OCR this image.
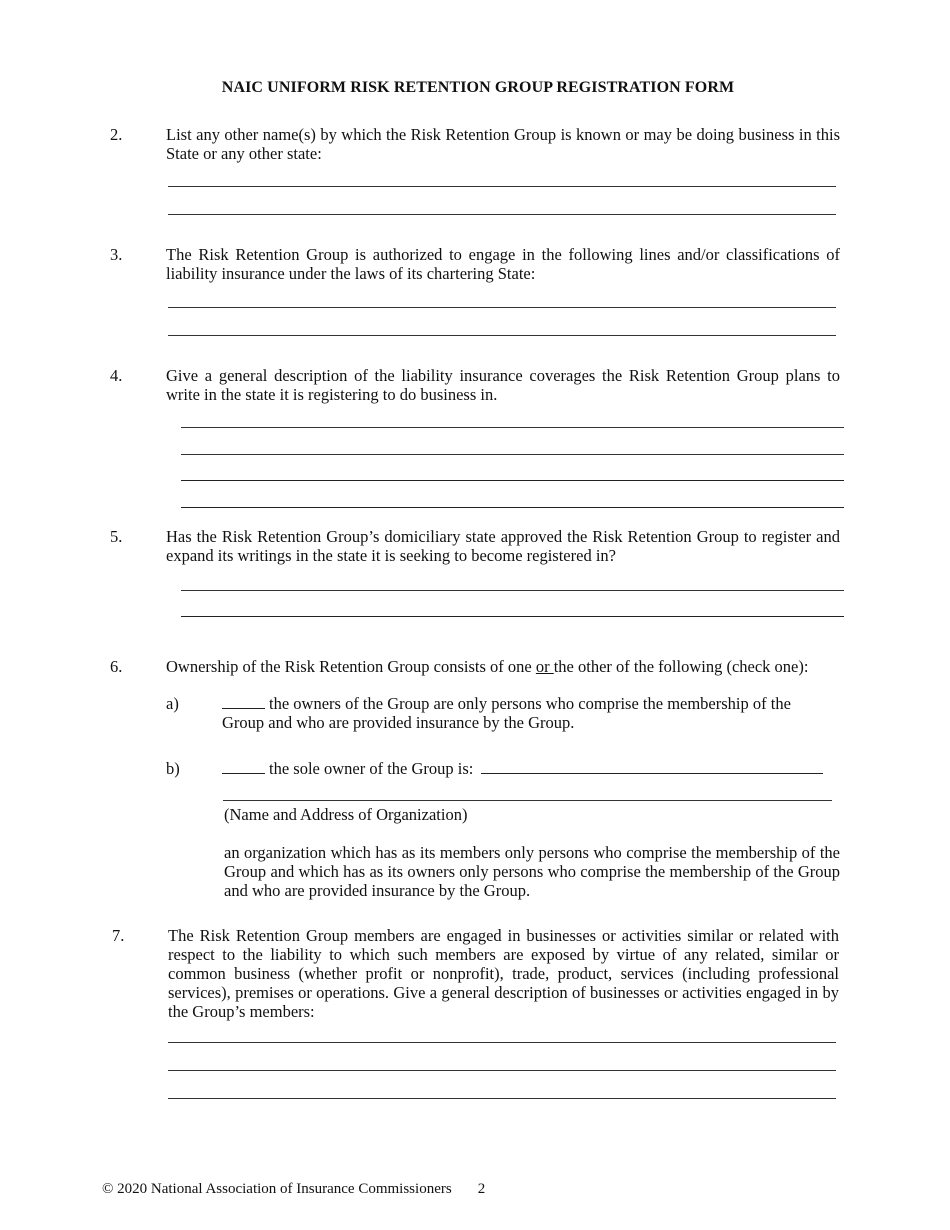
NAIC UNIFORM RISK RETENTION GROUP REGISTRATION FORM
2.	List any other name(s) by which the Risk Retention Group is known or may be doing business in this State or any other state:
3.	The Risk Retention Group is authorized to engage in the following lines and/or classifications of liability insurance under the laws of its chartering State:
4.	Give a general description of the liability insurance coverages the Risk Retention Group plans to write in the state it is registering to do business in.
5.	Has the Risk Retention Group’s domiciliary state approved the Risk Retention Group to register and expand its writings in the state it is seeking to become registered in?
6.	Ownership of the Risk Retention Group consists of one or the other of the following (check one):
a)	the owners of the Group are only persons who comprise the membership of the Group and who are provided insurance by the Group.
b)	the sole owner of the Group is:
(Name and Address of Organization)
an organization which has as its members only persons who comprise the membership of the Group and which has as its owners only persons who comprise the membership of the Group and who are provided insurance by the Group.
7.	The Risk Retention Group members are engaged in businesses or activities similar or related with respect to the liability to which such members are exposed by virtue of any related, similar or common business (whether profit or nonprofit), trade, product, services (including professional services), premises or operations. Give a general description of businesses or activities engaged in by the Group’s members:
© 2020 National Association of Insurance Commissioners 2
